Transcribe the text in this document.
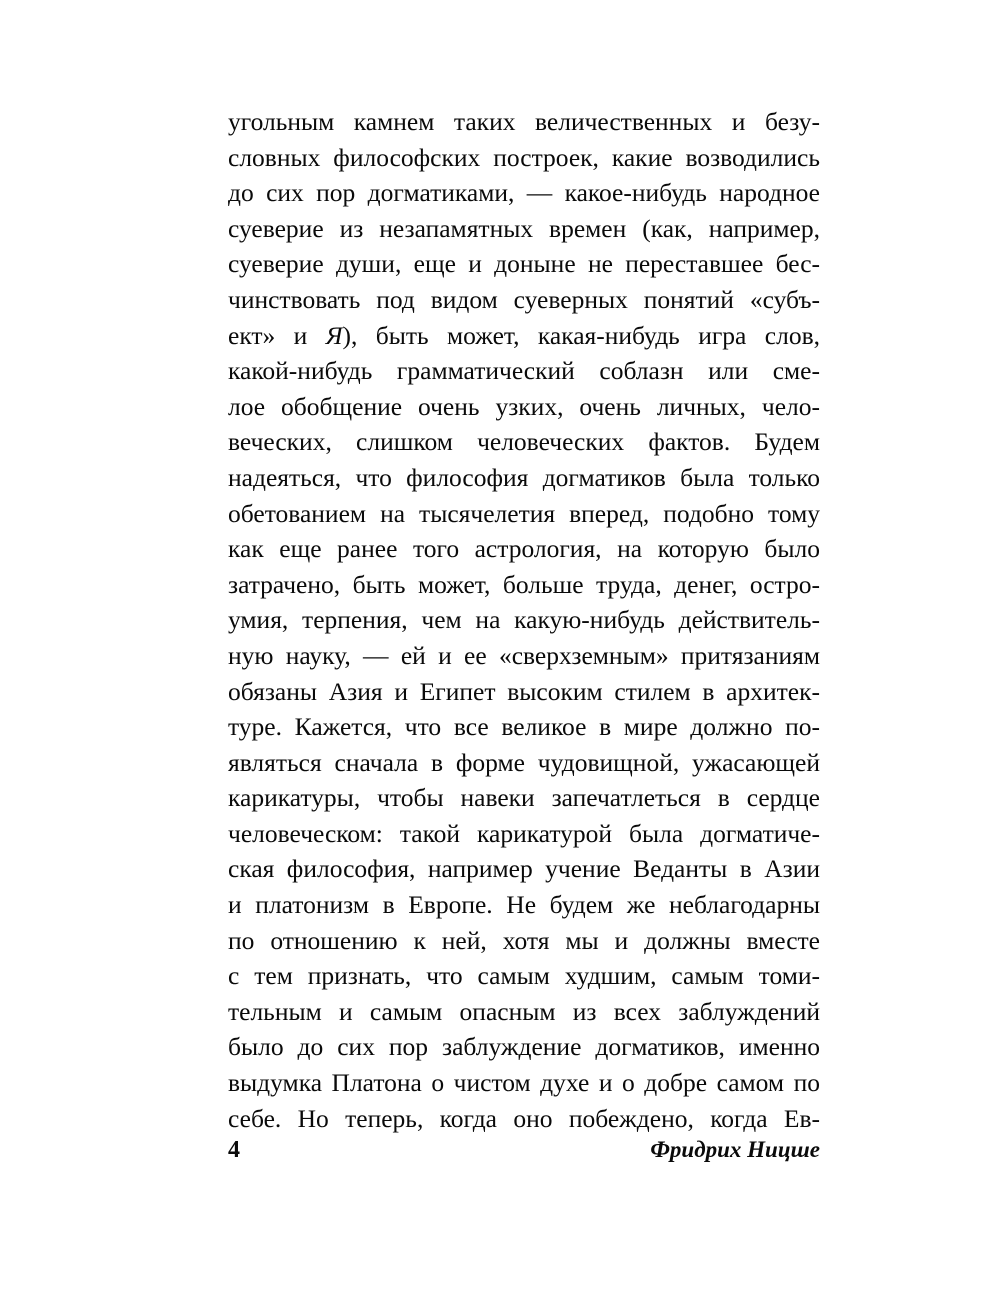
угольным камнем таких величественных и безу-
словных философских построек, какие возводились
до сих пор догматиками, — какое-нибудь народное
суеверие из незапамятных времен (как, например,
суеверие души, еще и доныне не переставшее бес-
чинствовать под видом суеверных понятий «субъ-
ект» и Я), быть может, какая-нибудь игра слов,
какой-нибудь грамматический соблазн или сме-
лое обобщение очень узких, очень личных, чело-
веческих, слишком человеческих фактов. Будем
надеяться, что философия догматиков была только
обетованием на тысячелетия вперед, подобно тому
как еще ранее того астрология, на которую было
затрачено, быть может, больше труда, денег, остро-
умия, терпения, чем на какую-нибудь действитель-
ную науку, — ей и ее «сверхземным» притязаниям
обязаны Азия и Египет высоким стилем в архитек-
туре. Кажется, что все великое в мире должно по-
являться сначала в форме чудовищной, ужасающей
карикатуры, чтобы навеки запечатлеться в сердце
человеческом: такой карикатурой была догматиче-
ская философия, например учение Веданты в Азии
и платонизм в Европе. Не будем же неблагодарны
по отношению к ней, хотя мы и должны вместе
с тем признать, что самым худшим, самым томи-
тельным и самым опасным из всех заблуждений
было до сих пор заблуждение догматиков, именно
выдумка Платона о чистом духе и о добре самом по
себе. Но теперь, когда оно побеждено, когда Ев-
4	Фридрих Ницше
